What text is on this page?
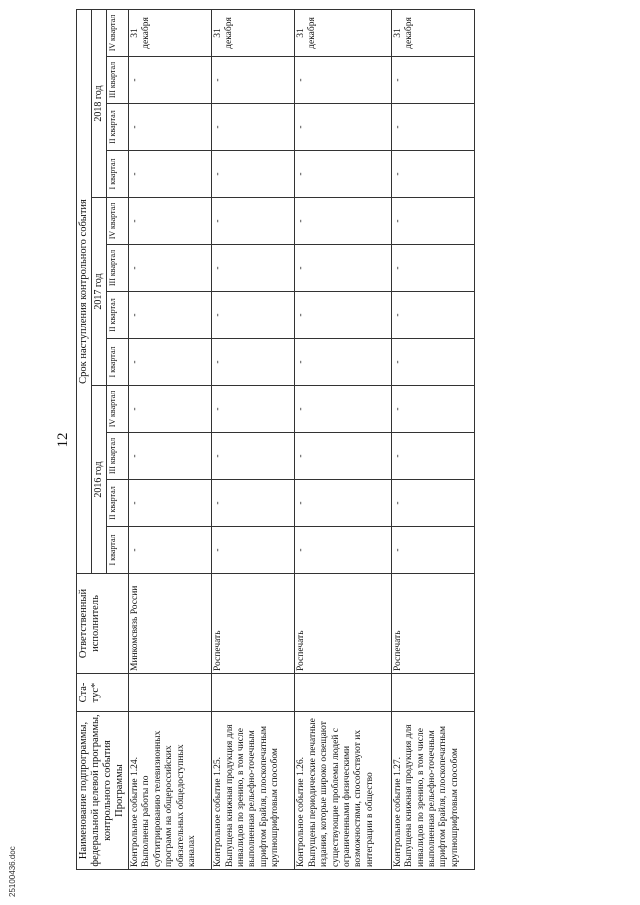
12
Наименование подпрограммы, федеральной целевой программы, контрольного события Программы	Ста-тус*	Ответственный исполнитель	Срок наступления контрольного события											
			2016 год				2017 год				2018 год			
			I квартал	II квартал	III квартал	IV квартал	I квартал	II квартал	III квартал	IV квартал	I квартал	II квартал	III квартал	IV квартал
Контрольное событие 1.24. Выполнены работы по субтитрированию телевизионных программ на общероссийских обязательных общедоступных каналах		Минкомсвязь России	-	-	-	-	-	-	-	-	-	-	-	31 декабря

Контрольное событие 1.25. Выпущена книжная продукция для инвалидов по зрению, в том числе выполненная рельефно-точечным шрифтом Брайля, плоскопечатным крупношрифтовым способом		Роспечать	-	-	-	-	-	-	-	-	-	-	-	31 декабря

Контрольное событие 1.26. Выпущены периодические печатные издания, которые широко освещают существующие проблемы людей с ограниченными физическими возможностями, способствуют их интеграции в общество		Роспечать	-	-	-	-	-	-	-	-	-	-	-	31 декабря

Контрольное событие 1.27. Выпущена книжная продукция для инвалидов по зрению, в том числе выполненная рельефно-точечным шрифтом Брайля, плоскопечатным крупношрифтовым способом		Роспечать	-	-	-	-	-	-	-	-	-	-	-	31 декабря
25100436.doc
